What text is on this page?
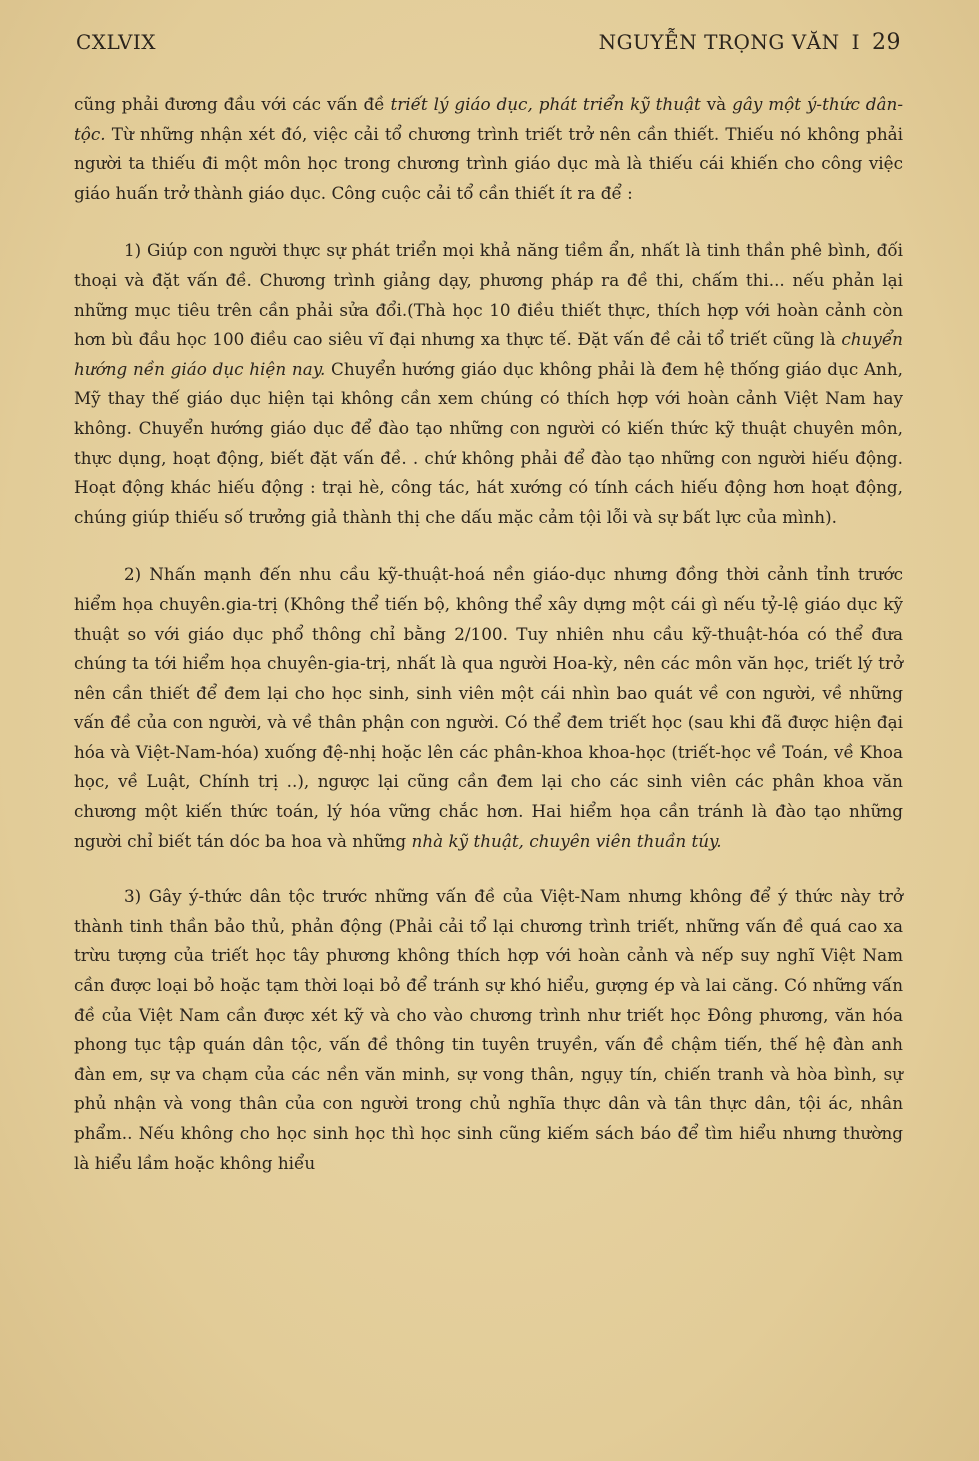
CXLVIX	NGUYỄN TRỌNG VĂN I 29

cũng phải đương đầu với các vấn đề triết lý giáo dục, phát triển kỹ thuật và gây một ý-thức dân-tộc. Từ những nhận xét đó, việc cải tổ chương trình triết trở nên cần thiết. Thiếu nó không phải người ta thiếu đi một môn học trong chương trình giáo dục mà là thiếu cái khiến cho công việc giáo huấn trở thành giáo dục. Công cuộc cải tổ cần thiết ít ra để :

1) Giúp con người thực sự phát triển mọi khả năng tiềm ẩn, nhất là tinh thần phê bình, đối thoại và đặt vấn đề. Chương trình giảng dạy, phương pháp ra đề thi, chấm thi... nếu phản lại những mục tiêu trên cần phải sửa đổi.(Thà học 10 điều thiết thực, thích hợp với hoàn cảnh còn hơn bù đầu học 100 điều cao siêu vĩ đại nhưng xa thực tế. Đặt vấn đề cải tổ triết cũng là chuyển hướng nền giáo dục hiện nay. Chuyển hướng giáo dục không phải là đem hệ thống giáo dục Anh, Mỹ thay thế giáo dục hiện tại không cần xem chúng có thích hợp với hoàn cảnh Việt Nam hay không. Chuyển hướng giáo dục để đào tạo những con người có kiến thức kỹ thuật chuyên môn, thực dụng, hoạt động, biết đặt vấn đề. . chứ không phải để đào tạo những con người hiếu động. Hoạt động khác hiếu động : trại hè, công tác, hát xướng có tính cách hiếu động hơn hoạt động, chúng giúp thiếu số trưởng giả thành thị che dấu mặc cảm tội lỗi và sự bất lực của mình).

2) Nhấn mạnh đến nhu cầu kỹ-thuật-hoá nền giáo-dục nhưng đồng thời cảnh tỉnh trước hiểm họa chuyên.gia-trị (Không thể tiến bộ, không thể xây dựng một cái gì nếu tỷ-lệ giáo dục kỹ thuật so với giáo dục phổ thông chỉ bằng 2/100. Tuy nhiên nhu cầu kỹ-thuật-hóa có thể đưa chúng ta tới hiểm họa chuyên-gia-trị, nhất là qua người Hoa-kỳ, nên các môn văn học, triết lý trở nên cần thiết để đem lại cho học sinh, sinh viên một cái nhìn bao quát về con người, về những vấn đề của con người, và về thân phận con người. Có thể đem triết học (sau khi đã được hiện đại hóa và Việt-Nam-hóa) xuống đệ-nhị hoặc lên các phân-khoa khoa-học (triết-học về Toán, về Khoa học, về Luật, Chính trị ..), ngược lại cũng cần đem lại cho các sinh viên các phân khoa văn chương một kiến thức toán, lý hóa vững chắc hơn. Hai hiểm họa cần tránh là đào tạo những người chỉ biết tán dóc ba hoa và những nhà kỹ thuật, chuyên viên thuần túy.

3) Gây ý-thức dân tộc trước những vấn đề của Việt-Nam nhưng không để ý thức này trở thành tinh thần bảo thủ, phản động (Phải cải tổ lại chương trình triết, những vấn đề quá cao xa trừu tượng của triết học tây phương không thích hợp với hoàn cảnh và nếp suy nghĩ Việt Nam cần được loại bỏ hoặc tạm thời loại bỏ để tránh sự khó hiểu, gượng ép và lai căng. Có những vấn đề của Việt Nam cần được xét kỹ và cho vào chương trình như triết học Đông phương, văn hóa phong tục tập quán dân tộc, vấn đề thông tin tuyên truyền, vấn đề chậm tiến, thế hệ đàn anh đàn em, sự va chạm của các nền văn minh, sự vong thân, ngụy tín, chiến tranh và hòa bình, sự phủ nhận và vong thân của con người trong chủ nghĩa thực dân và tân thực dân, tội ác, nhân phẩm.. Nếu không cho học sinh học thì học sinh cũng kiếm sách báo để tìm hiểu nhưng thường là hiểu lầm hoặc không hiểu
